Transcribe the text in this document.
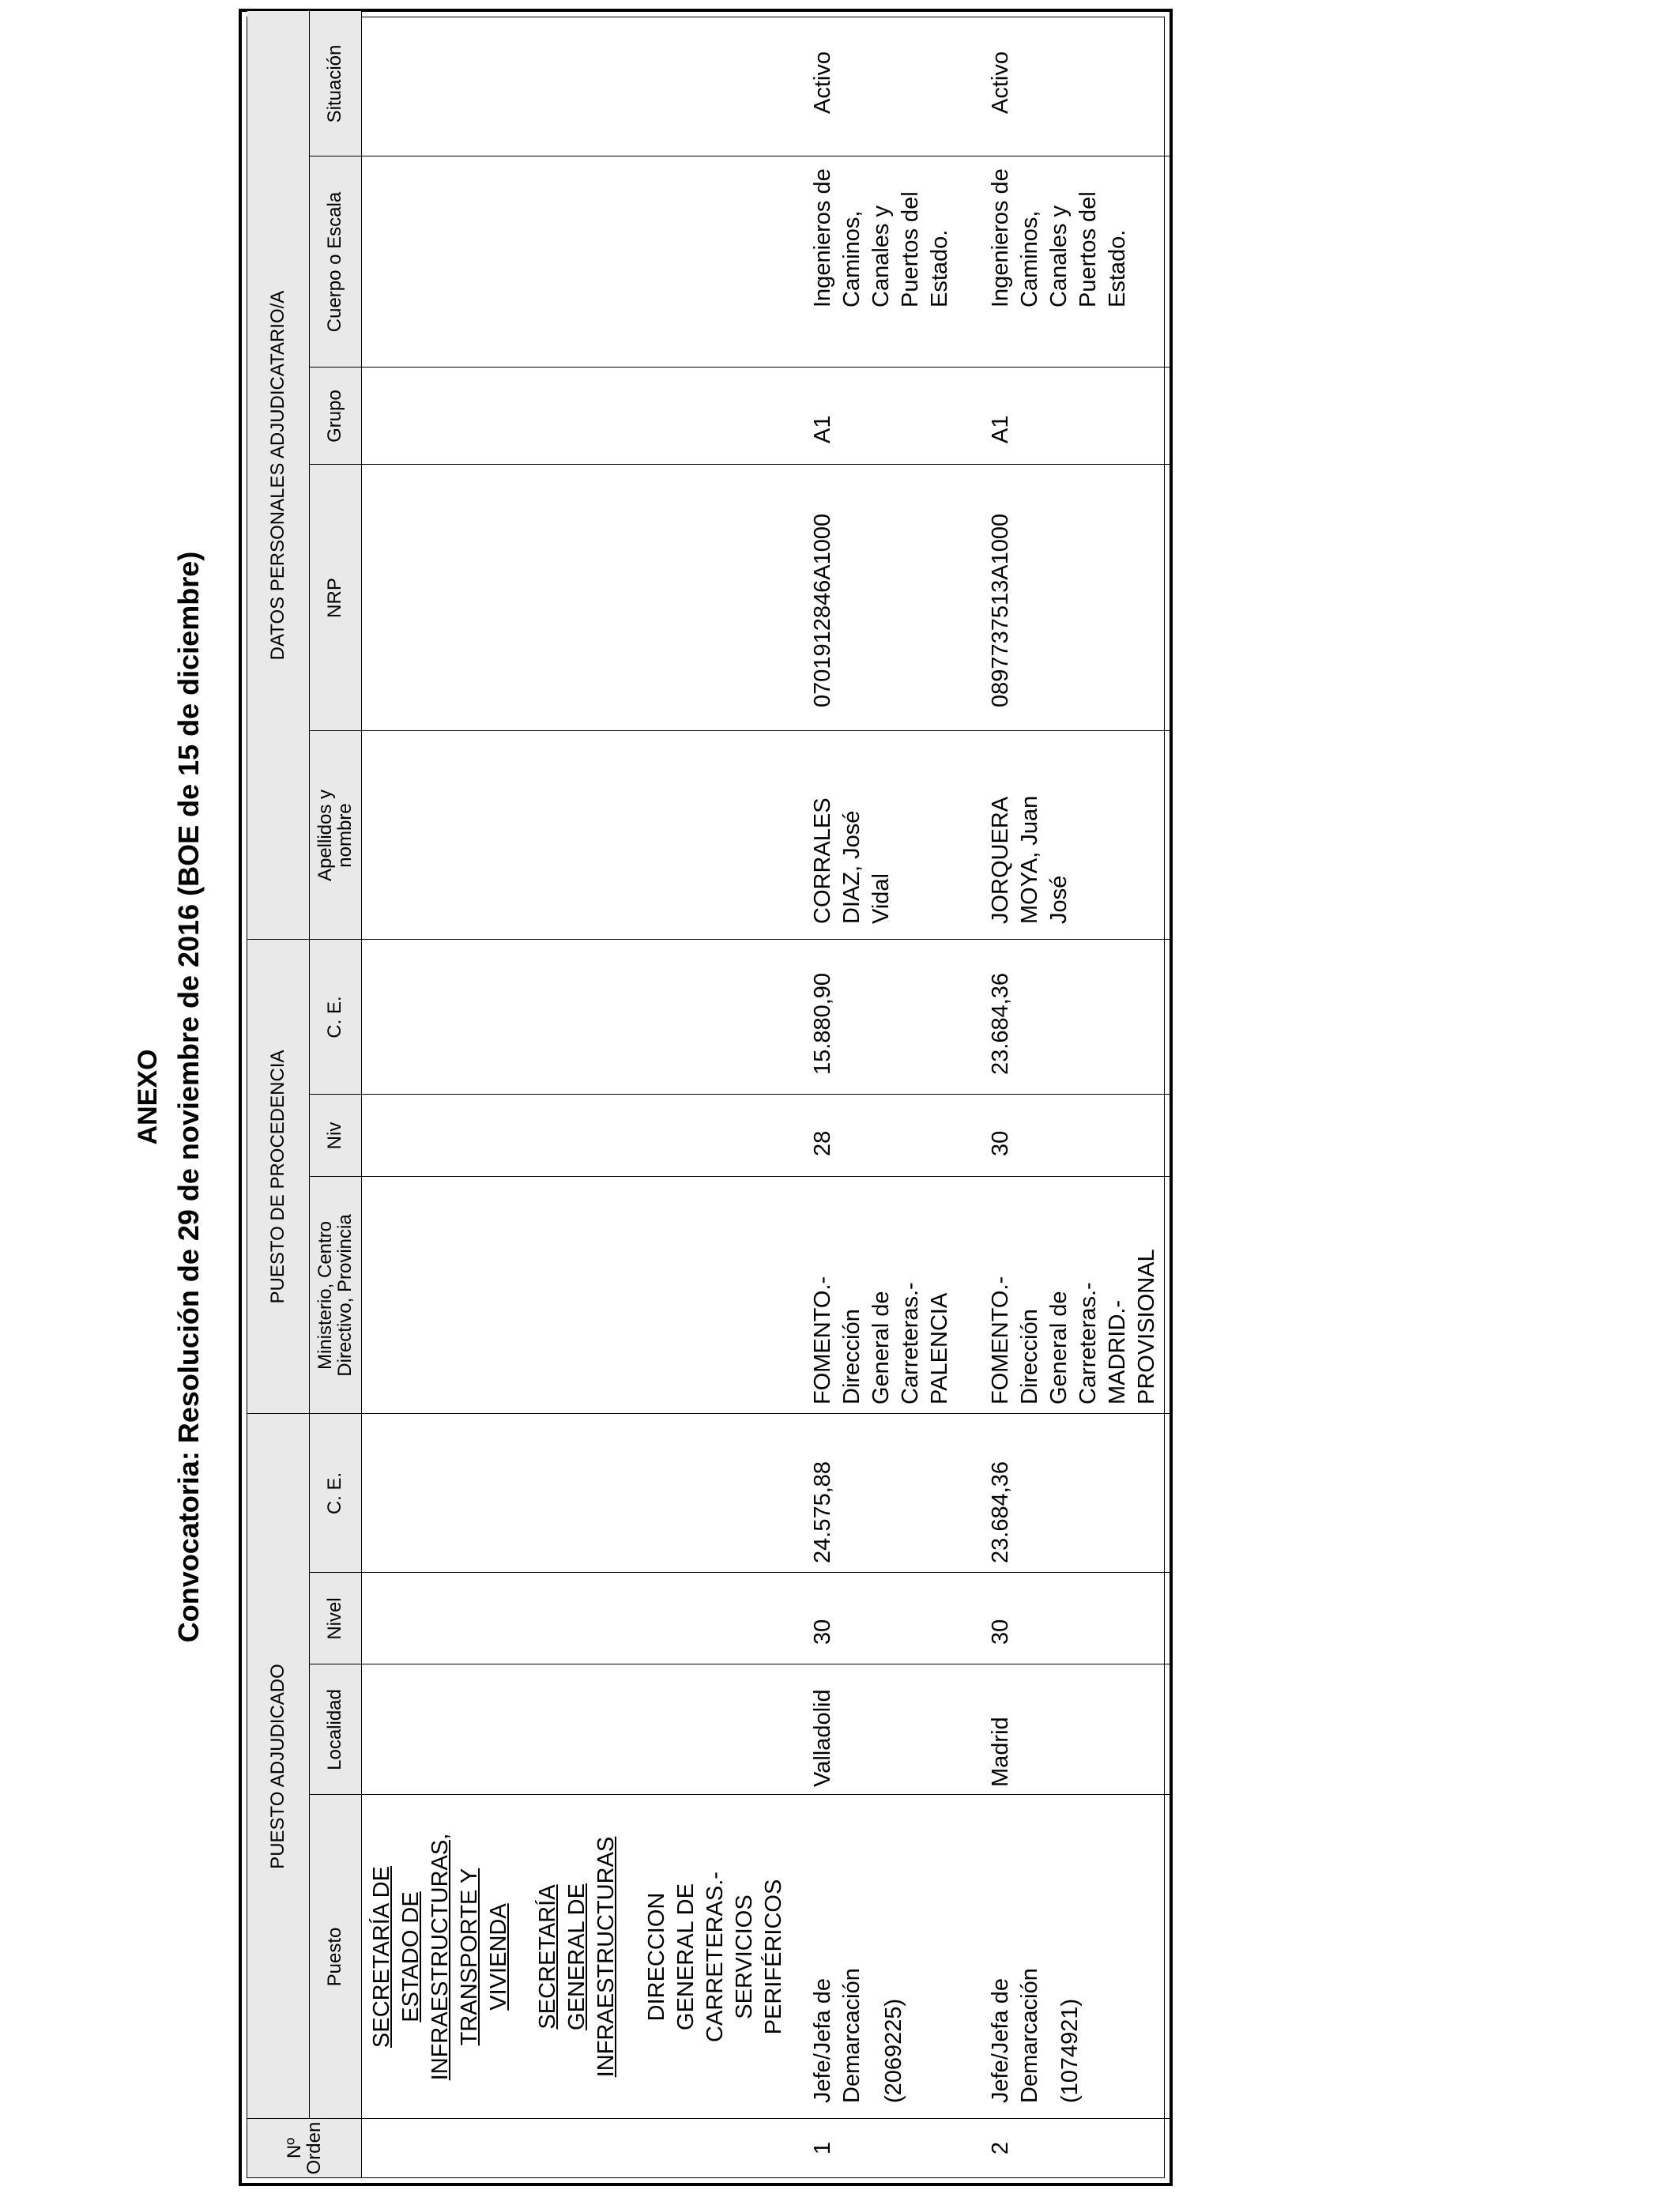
ANEXO Convocatoria: Resolución de 29 de noviembre de 2016 (BOE de 15 de diciembre)
PUESTO ADJUDICADO
PUESTO DE PROCEDENCIA
DATOS PERSONALES ADJUDICATARIO/A
Nº
Orden
Puesto
Localidad
Nivel
C. E.
Ministerio, Centro
Directivo, Provincia
Niv
C. E.
Apellidos y
nombre
NRP
Grupo
Cuerpo o Escala
Situación
SECRETARÍA DE
ESTADO DE
INFRAESTRUCTURAS,
TRANSPORTE Y
VIVIENDA SECRETARÍA
GENERAL DE
INFRAESTRUCTURAS DIRECCION
GENERAL DE
CARRETERAS.-
SERVICIOS
PERIFÉRICOS
1
Jefe/Jefa de
Demarcación (2069225)
Valladolid
30
24.575,88
FOMENTO.-
Dirección
General de
Carreteras.-
PALENCIA
28
15.880,90
CORRALES
DIAZ, José
Vidal
0701912846A1000
A1
Ingenieros de
Caminos,
Canales y
Puertos del
Estado.
Activo
2
Jefe/Jefa de
Demarcación (1074921)
Madrid
30
23.684,36
FOMENTO.-
Dirección
General de
Carreteras.-
MADRID.-
PROVISIONAL
30
23.684,36
JORQUERA
MOYA, Juan
José
0897737513A1000
A1
Ingenieros de
Caminos,
Canales y
Puertos del
Estado.
Activo
